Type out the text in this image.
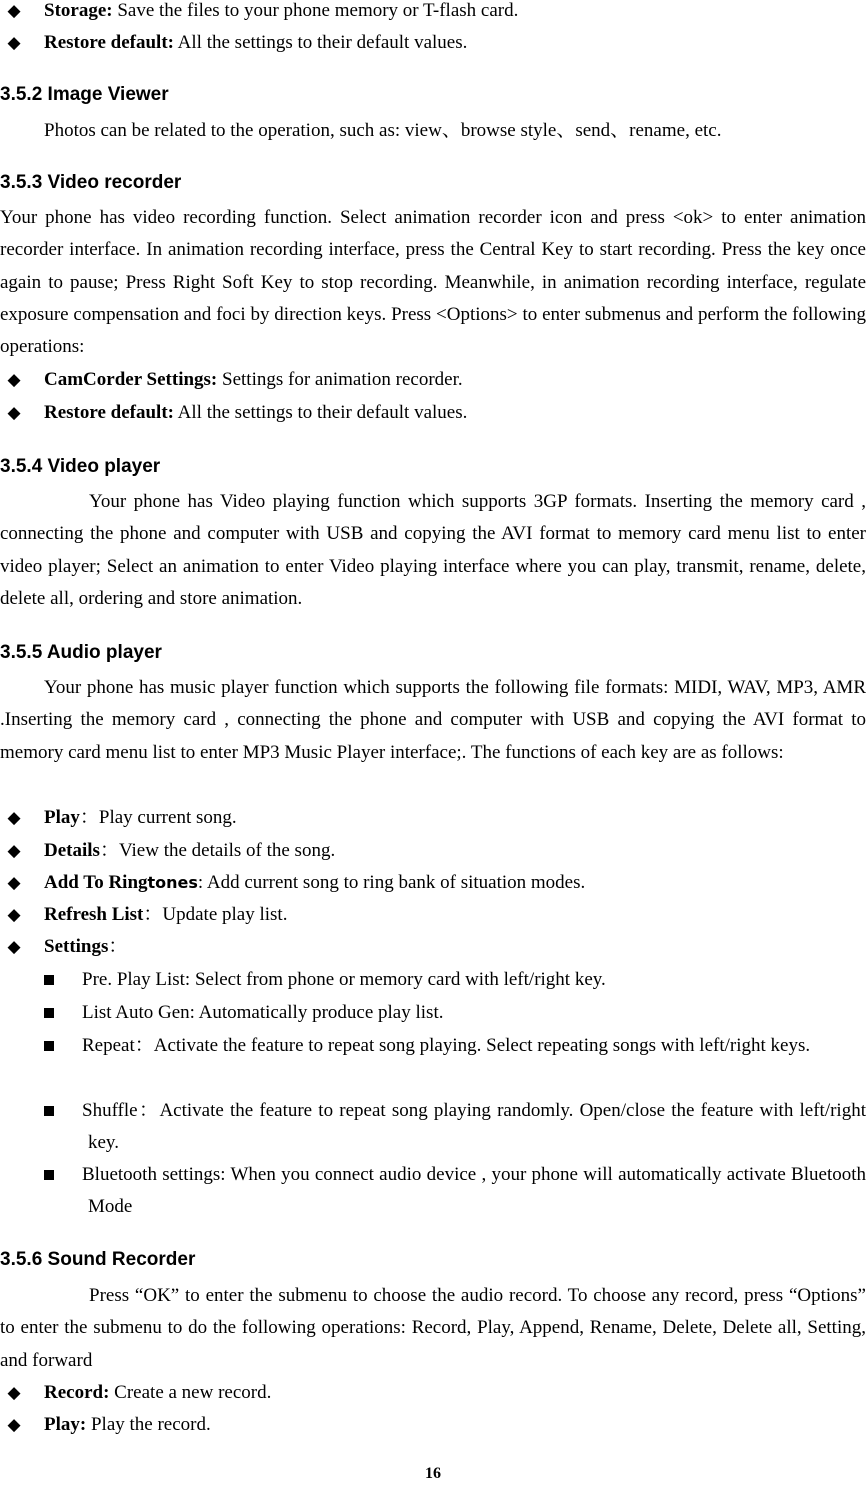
◆ Storage: Save the files to your phone memory or T-flash card.
◆ Restore default: All the settings to their default values.
3.5.2 Image Viewer
Photos can be related to the operation, such as: view、browse style、send、rename, etc.
3.5.3 Video recorder
Your phone has video recording function. Select animation recorder icon and press <ok> to enter animation recorder interface. In animation recording interface, press the Central Key to start recording. Press the key once again to pause; Press Right Soft Key to stop recording. Meanwhile, in animation recording interface, regulate exposure compensation and foci by direction keys. Press <Options> to enter submenus and perform the following operations:
◆ CamCorder Settings: Settings for animation recorder.
◆ Restore default: All the settings to their default values.
3.5.4 Video player
Your phone has Video playing function which supports 3GP formats. Inserting the memory card , connecting the phone and computer with USB and copying the AVI format to memory card menu list to enter video player; Select an animation to enter Video playing interface where you can play, transmit, rename, delete, delete all, ordering and store animation.
3.5.5 Audio player
Your phone has music player function which supports the following file formats: MIDI, WAV, MP3, AMR .Inserting the memory card , connecting the phone and computer with USB and copying the AVI format to memory card menu list to enter MP3 Music Player interface;. The functions of each key are as follows:
◆ Play：Play current song.
◆ Details：View the details of the song.
◆ Add To Ringtones: Add current song to ring bank of situation modes.
◆ Refresh List：Update play list.
◆ Settings：
Pre. Play List: Select from phone or memory card with left/right key.
List Auto Gen: Automatically produce play list.
Repeat：Activate the feature to repeat song playing. Select repeating songs with left/right keys.
Shuffle：Activate the feature to repeat song playing randomly. Open/close the feature with left/right key.
Bluetooth settings: When you connect audio device , your phone will automatically activate Bluetooth Mode
3.5.6 Sound Recorder
Press “OK” to enter the submenu to choose the audio record. To choose any record, press “Options” to enter the submenu to do the following operations: Record, Play, Append, Rename, Delete, Delete all, Setting, and forward
◆ Record: Create a new record.
◆ Play: Play the record.
16
